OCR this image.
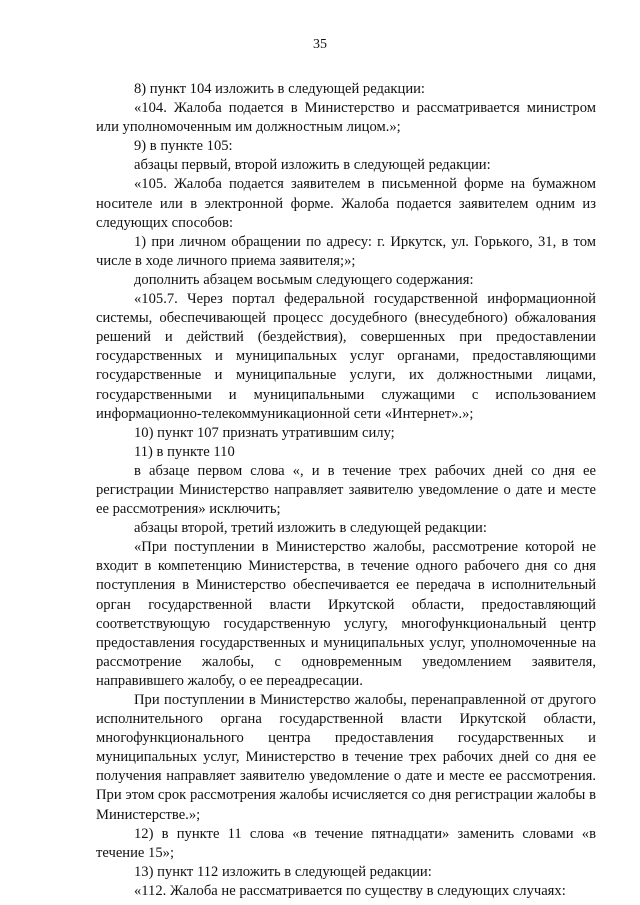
35

8) пункт 104 изложить в следующей редакции:

«104. Жалоба подается в Министерство и рассматривается министром или уполномоченным им должностным лицом.»;

9) в пункте 105:

абзацы первый, второй изложить в следующей редакции:

«105. Жалоба подается заявителем в письменной форме на бумажном носителе или в электронной форме. Жалоба подается заявителем одним из следующих способов:

1) при личном обращении по адресу: г. Иркутск, ул. Горького, 31, в том числе в ходе личного приема заявителя;»;

дополнить абзацем восьмым следующего содержания:

«105.7. Через портал федеральной государственной информационной системы, обеспечивающей процесс досудебного (внесудебного) обжалования решений и действий (бездействия), совершенных при предоставлении государственных и муниципальных услуг органами, предоставляющими государственные и муниципальные услуги, их должностными лицами, государственными и муниципальными служащими с использованием информационно-телекоммуникационной сети «Интернет».»;

10) пункт 107 признать утратившим силу;

11) в пункте 110

в абзаце первом слова «, и в течение трех рабочих дней со дня ее регистрации Министерство направляет заявителю уведомление о дате и месте ее рассмотрения» исключить;

абзацы второй, третий изложить в следующей редакции:

«При поступлении в Министерство жалобы, рассмотрение которой не входит в компетенцию Министерства, в течение одного рабочего дня со дня поступления в Министерство обеспечивается ее передача в исполнительный орган государственной власти Иркутской области, предоставляющий соответствующую государственную услугу, многофункциональный центр предоставления государственных и муниципальных услуг, уполномоченные на рассмотрение жалобы, с одновременным уведомлением заявителя, направившего жалобу, о ее переадресации.

При поступлении в Министерство жалобы, перенаправленной от другого исполнительного органа государственной власти Иркутской области, многофункционального центра предоставления государственных и муниципальных услуг, Министерство в течение трех рабочих дней со дня ее получения направляет заявителю уведомление о дате и месте ее рассмотрения. При этом срок рассмотрения жалобы исчисляется со дня регистрации жалобы в Министерстве.»;

12) в пункте 11 слова «в течение пятнадцати» заменить словами «в течение 15»;

13) пункт 112 изложить в следующей редакции:

«112. Жалоба не рассматривается по существу в следующих случаях:
